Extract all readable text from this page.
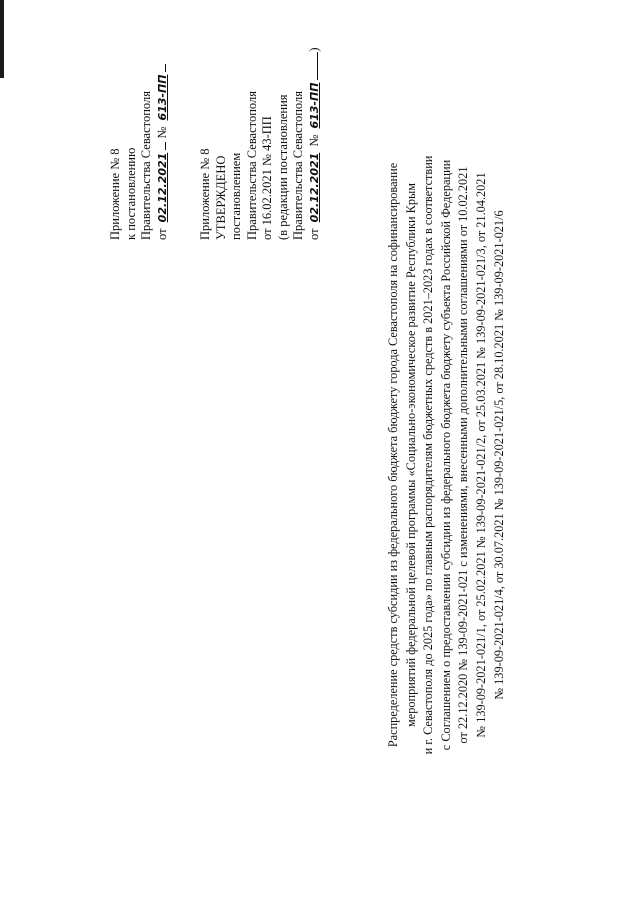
Приложение № 8 к постановлению Правительства Севастополя от 02.12.2021 № 613-ПП
Приложение № 8 УТВЕРЖДЕНО постановлением Правительства Севастополя от 16.02.2021 № 43-ПП (в редакции постановления Правительства Севастополя от 02.12.2021 № 613-ПП)
Распределение средств субсидии из федерального бюджета бюджету города Севастополя на софинансирование мероприятий федеральной целевой программы «Социально-экономическое развитие Республики Крым и г. Севастополя до 2025 года» по главным распорядителям бюджетных средств в 2021–2023 годах в соответствии с Соглашением о предоставлении субсидии из федерального бюджета бюджету субъекта Российской Федерации от 22.12.2020 № 139-09-2021-021 с изменениями, внесенными дополнительными соглашениями от 10.02.2021 № 139-09-2021-021/1, от 25.02.2021 № 139-09-2021-021/2, от 25.03.2021 № 139-09-2021-021/3, от 21.04.2021 № 139-09-2021-021/4, от 30.07.2021 № 139-09-2021-021/5, от 28.10.2021 № 139-09-2021-021/6
